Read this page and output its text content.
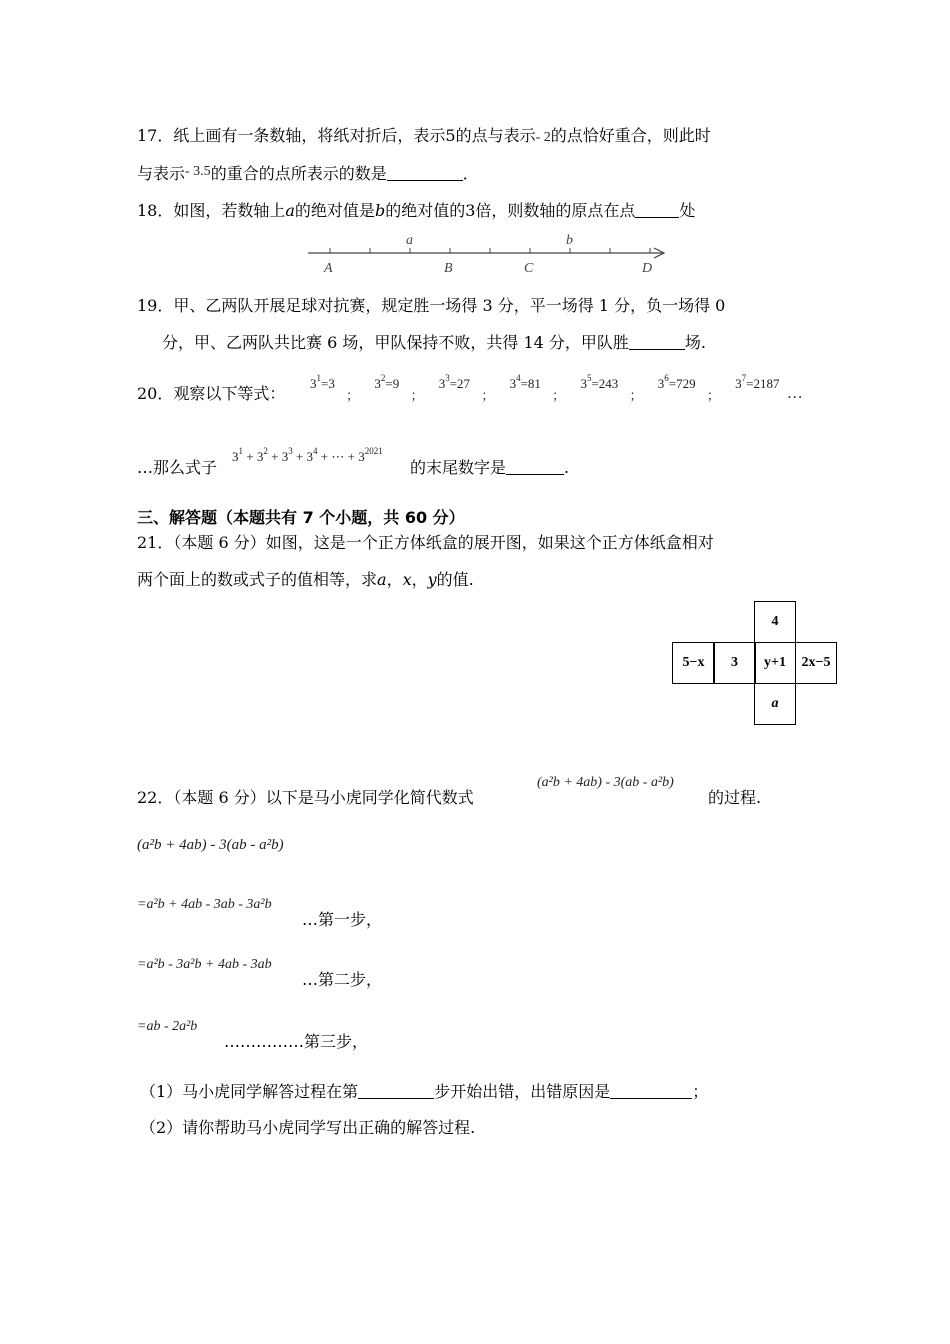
17．纸上画有一条数轴，将纸对折后，表示5的点与表示- 2的点恰好重合，则此时
与表示- 3.5的重合的点所表示的数是	．
18．如图，若数轴上a的绝对值是b的绝对值的3倍，则数轴的原点在点	处
a	b
A	B	C	D
19．甲、乙两队开展足球对抗赛，规定胜一场得 3 分，平一场得 1 分，负一场得 0
分，甲、乙两队共比赛 6 场，甲队保持不败，共得 14 分，甲队胜	场.
20．观察以下等式：
$3^1=3$ ； $3^2=9$ ； $3^3=27$ ； $3^4=81$ ； $3^5=243$ ； $3^6=729$ ； $3^7=2187$ …
…那么式子
$3^1 + 3^2 + 3^3 + 3^4$ + ⋯ + $3^{2021}$
的末尾数字是	.
三、解答题（本题共有 7 个小题，共 60 分）
21．（本题 6 分）如图，这是一个正方体纸盒的展开图，如果这个正方体纸盒相对
两个面上的数或式子的值相等，求a，x，y的值.
4
5−x	3	y+1	2x−5
a
22．（本题 6 分）以下是马小虎同学化简代数式
(a²b + 4ab) - 3(ab - a²b)
的过程.
(a²b + 4ab) - 3(ab - a²b)
=a²b + 4ab - 3ab - 3a²b
…第一步，
=a²b - 3a²b + 4ab - 3ab
…第二步，
=ab - 2a²b
……………第三步，
（1）马小虎同学解答过程在第	步开始出错，出错原因是	；
（2）请你帮助马小虎同学写出正确的解答过程.
